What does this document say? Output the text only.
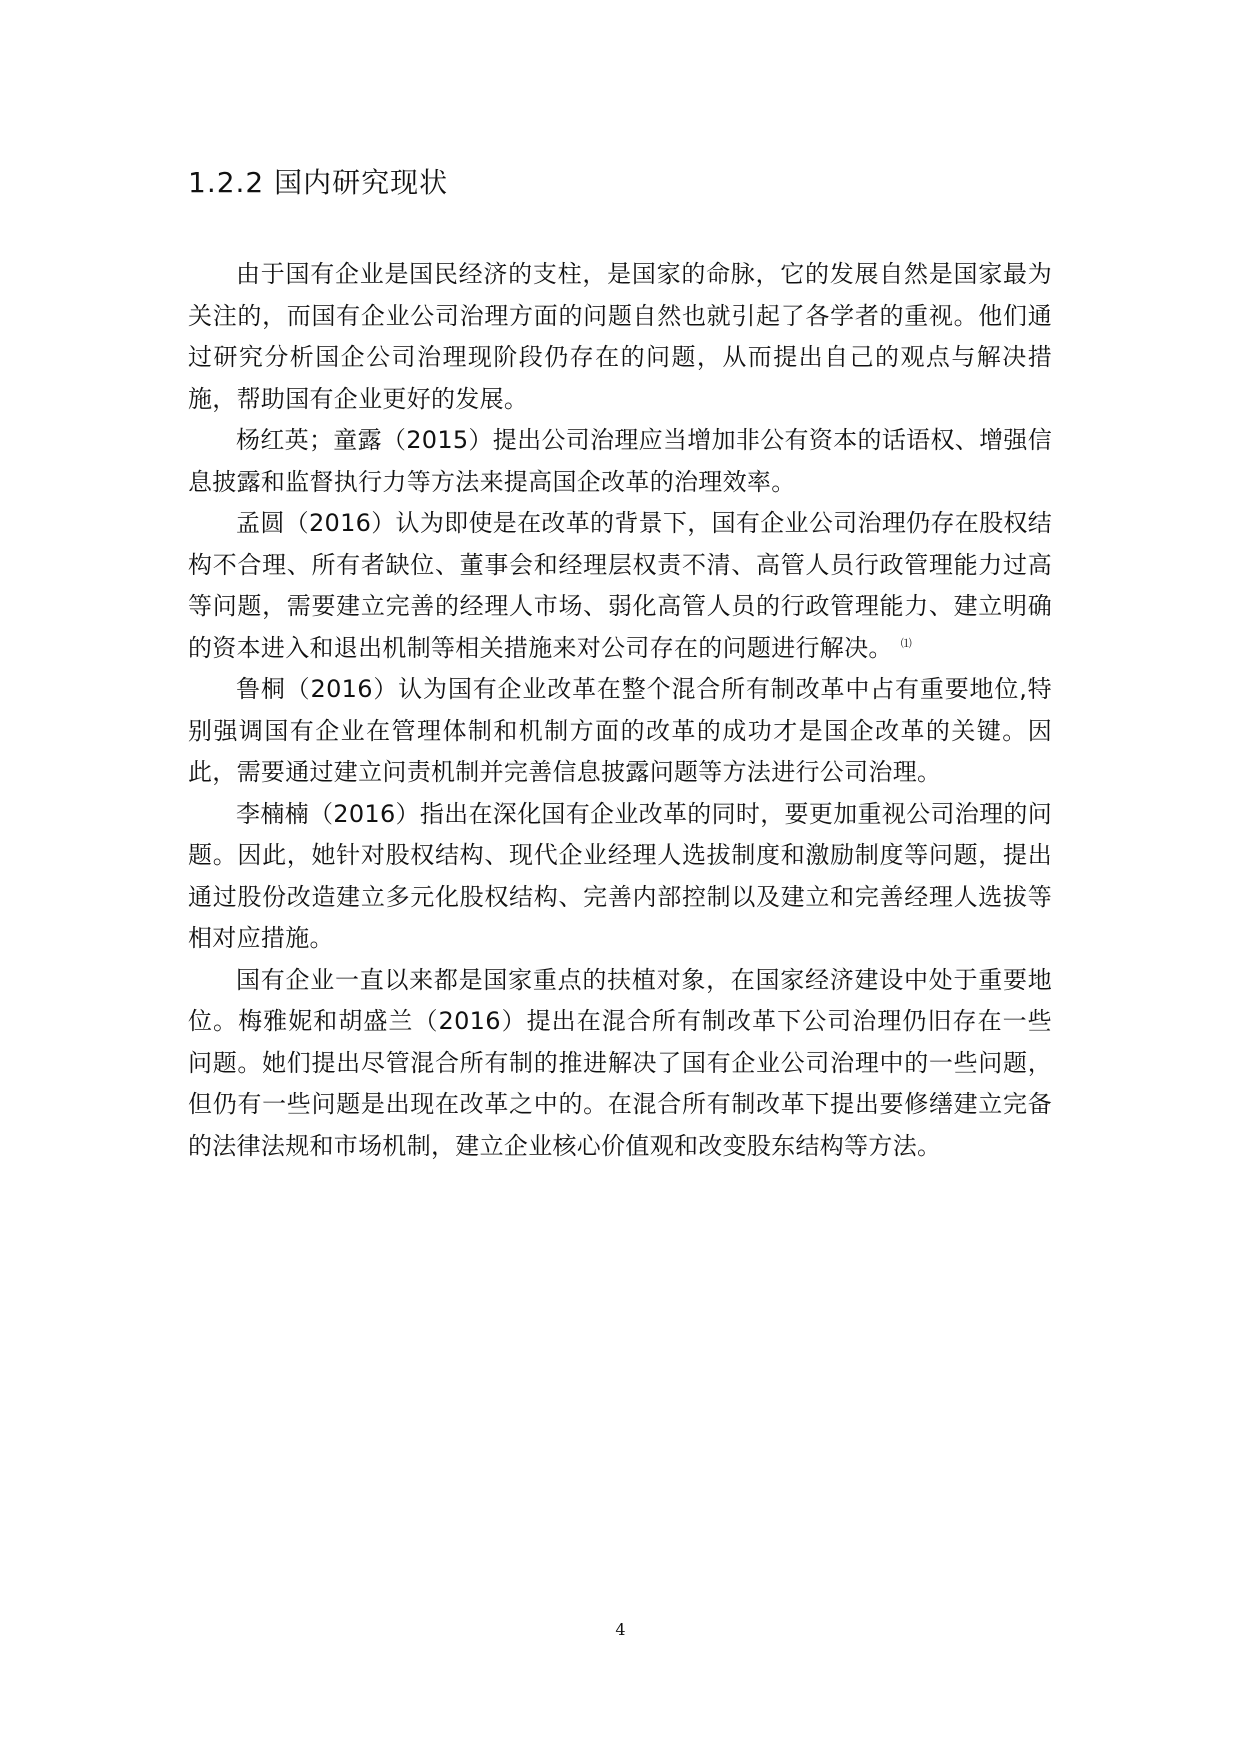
1.2.2 国内研究现状

由于国有企业是国民经济的支柱，是国家的命脉，它的发展自然是国家最为关注的，而国有企业公司治理方面的问题自然也就引起了各学者的重视。他们通过研究分析国企公司治理现阶段仍存在的问题，从而提出自己的观点与解决措施，帮助国有企业更好的发展。

杨红英；童露（2015）提出公司治理应当增加非公有资本的话语权、增强信息披露和监督执行力等方法来提高国企改革的治理效率。

孟圆（2016）认为即使是在改革的背景下，国有企业公司治理仍存在股权结构不合理、所有者缺位、董事会和经理层权责不清、高管人员行政管理能力过高等问题，需要建立完善的经理人市场、弱化高管人员的行政管理能力、建立明确的资本进入和退出机制等相关措施来对公司存在的问题进行解决。 ⑴

鲁桐（2016）认为国有企业改革在整个混合所有制改革中占有重要地位,特别强调国有企业在管理体制和机制方面的改革的成功才是国企改革的关键。因此，需要通过建立问责机制并完善信息披露问题等方法进行公司治理。

李楠楠（2016）指出在深化国有企业改革的同时，要更加重视公司治理的问题。因此，她针对股权结构、现代企业经理人选拔制度和激励制度等问题，提出通过股份改造建立多元化股权结构、完善内部控制以及建立和完善经理人选拔等相对应措施。

国有企业一直以来都是国家重点的扶植对象，在国家经济建设中处于重要地位。梅雅妮和胡盛兰（2016）提出在混合所有制改革下公司治理仍旧存在一些问题。她们提出尽管混合所有制的推进解决了国有企业公司治理中的一些问题，但仍有一些问题是出现在改革之中的。在混合所有制改革下提出要修缮建立完备的法律法规和市场机制，建立企业核心价值观和改变股东结构等方法。

4
